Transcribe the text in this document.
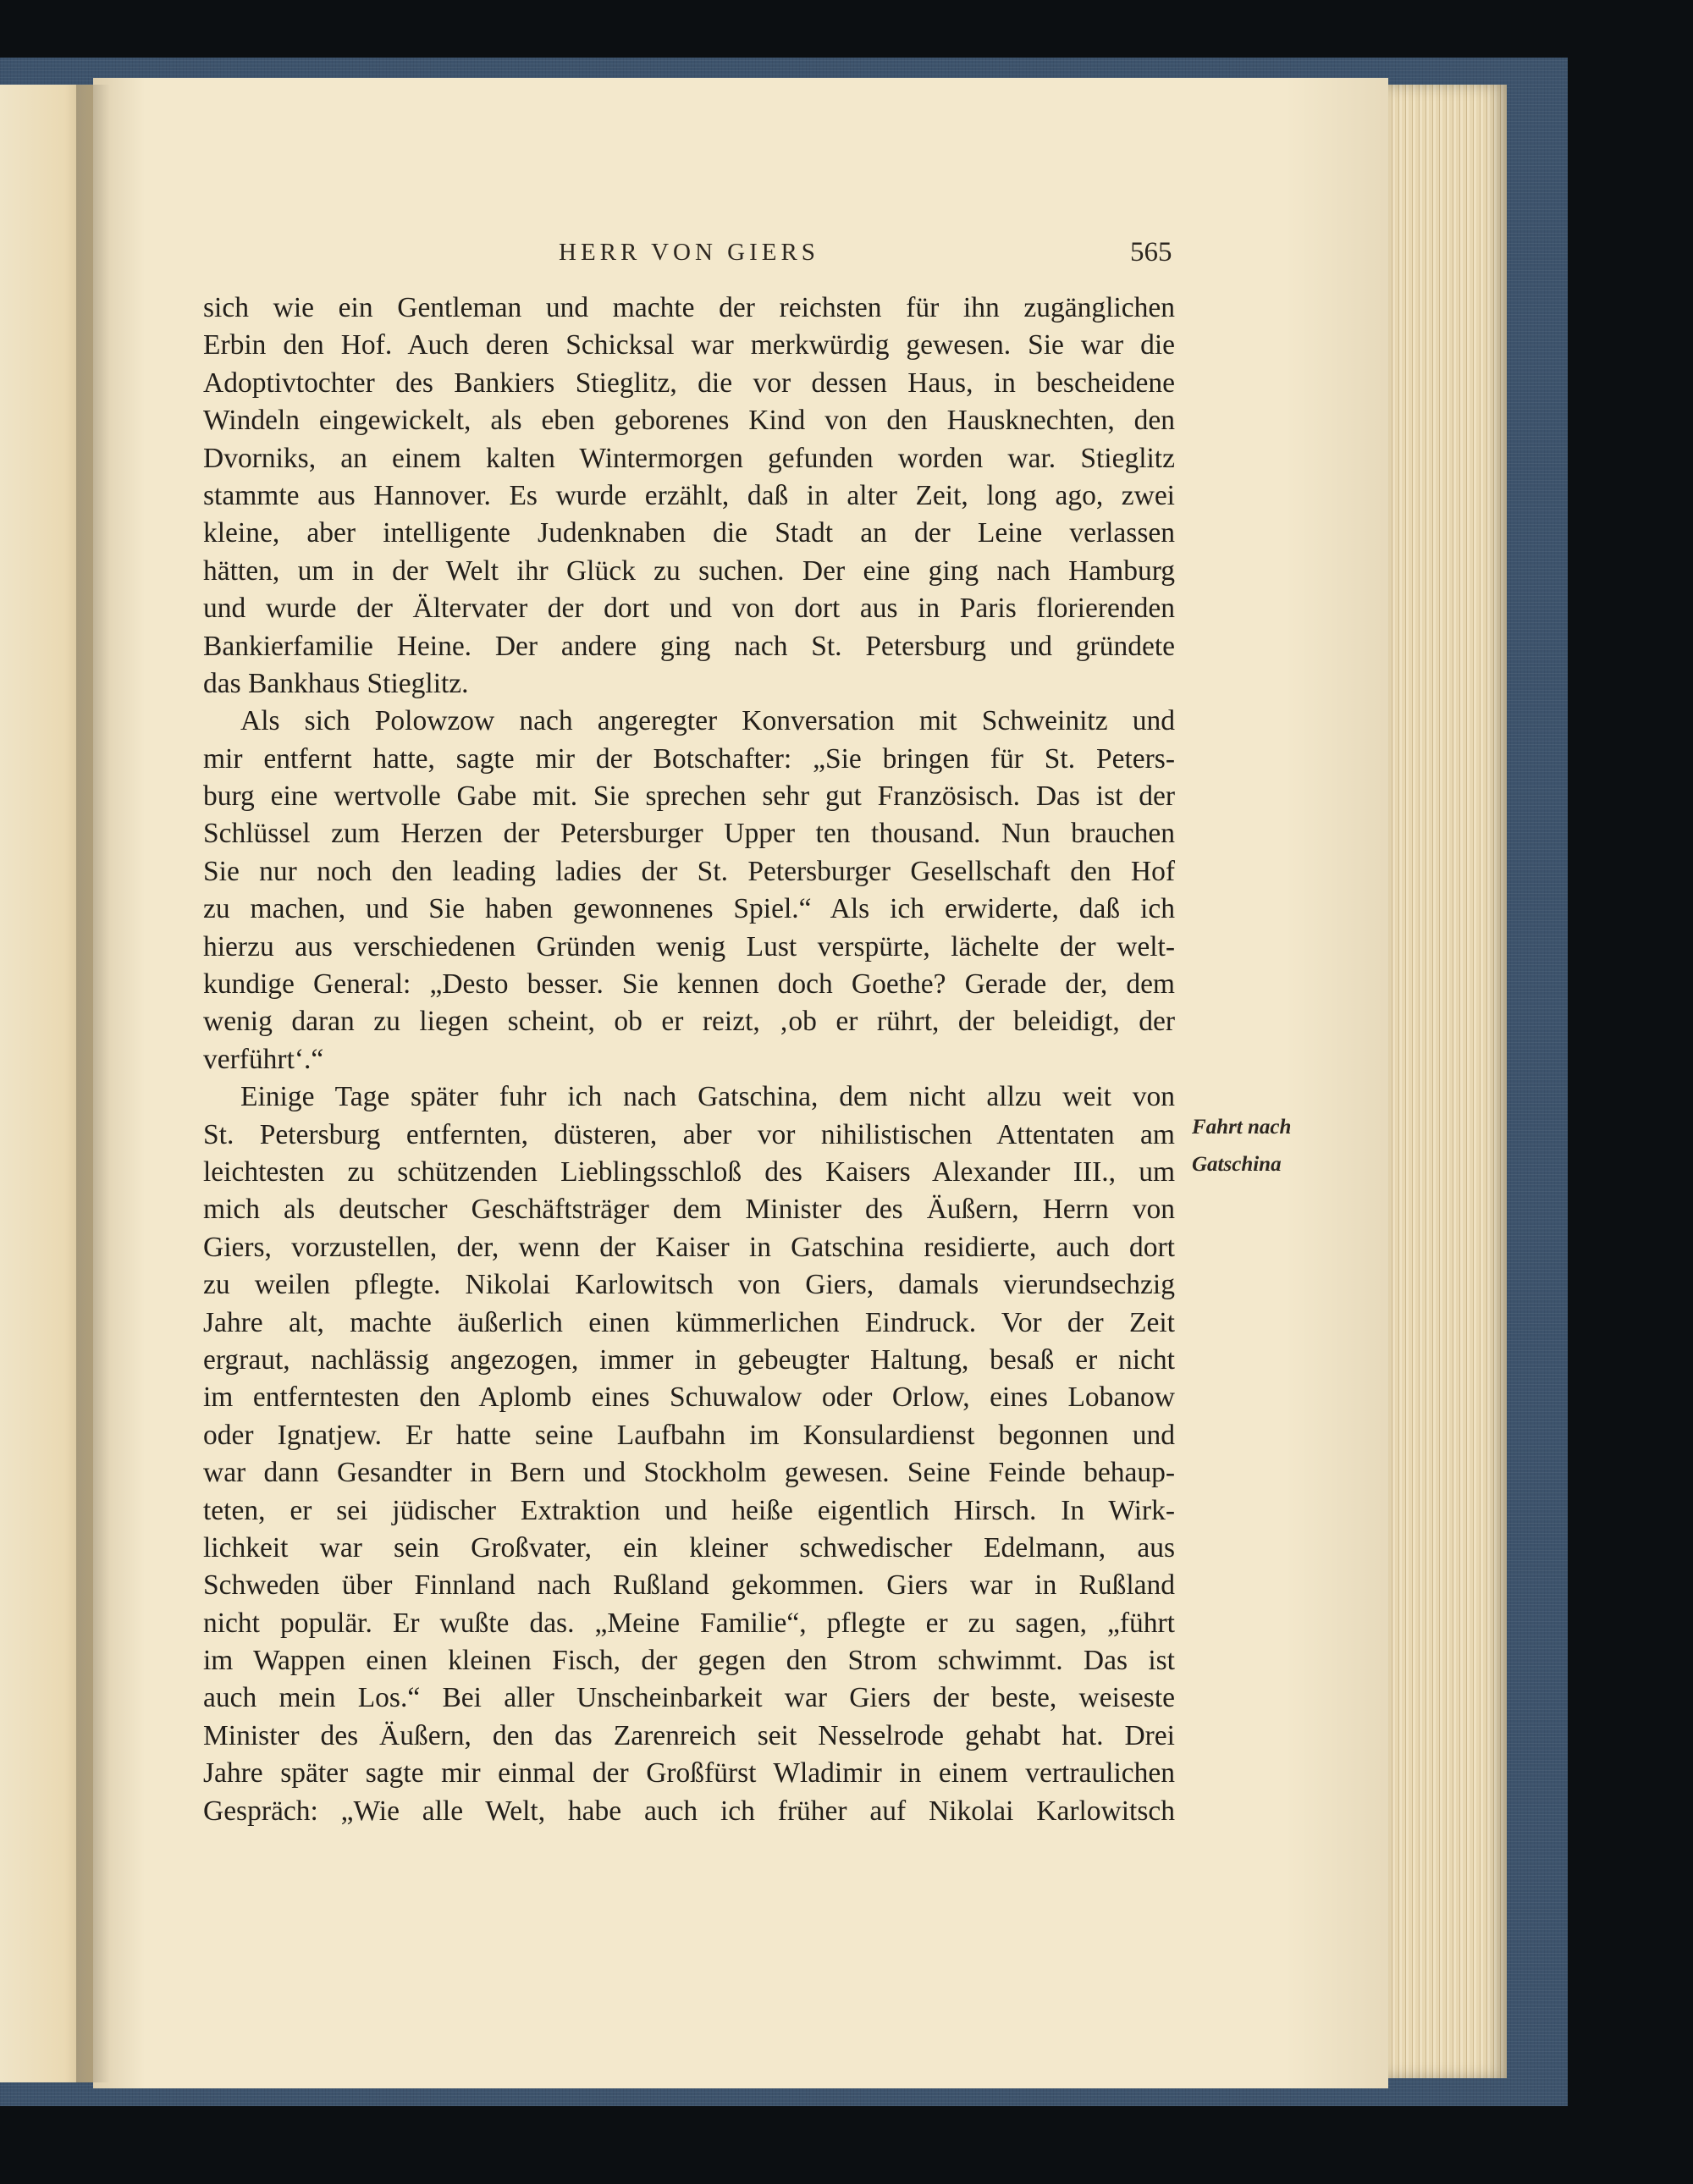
HERR VON GIERS	565
sich wie ein Gentleman und machte der reichsten für ihn zugänglichen
Erbin den Hof. Auch deren Schicksal war merkwürdig gewesen. Sie war die
Adoptivtochter des Bankiers Stieglitz, die vor dessen Haus, in bescheidene
Windeln eingewickelt, als eben geborenes Kind von den Hausknechten, den
Dvorniks, an einem kalten Wintermorgen gefunden worden war. Stieglitz
stammte aus Hannover. Es wurde erzählt, daß in alter Zeit, long ago, zwei
kleine, aber intelligente Judenknaben die Stadt an der Leine verlassen
hätten, um in der Welt ihr Glück zu suchen. Der eine ging nach Hamburg
und wurde der Ältervater der dort und von dort aus in Paris florierenden
Bankierfamilie Heine. Der andere ging nach St. Petersburg und gründete
das Bankhaus Stieglitz.
Als sich Polowzow nach angeregter Konversation mit Schweinitz und
mir entfernt hatte, sagte mir der Botschafter: „Sie bringen für St. Peters-
burg eine wertvolle Gabe mit. Sie sprechen sehr gut Französisch. Das ist der
Schlüssel zum Herzen der Petersburger Upper ten thousand. Nun brauchen
Sie nur noch den leading ladies der St. Petersburger Gesellschaft den Hof
zu machen, und Sie haben gewonnenes Spiel.“ Als ich erwiderte, daß ich
hierzu aus verschiedenen Gründen wenig Lust verspürte, lächelte der welt-
kundige General: „Desto besser. Sie kennen doch Goethe? Gerade der, dem
wenig daran zu liegen scheint, ob er reizt, ‚ob er rührt, der beleidigt, der
verführt‘.“
Einige Tage später fuhr ich nach Gatschina, dem nicht allzu weit von
St. Petersburg entfernten, düsteren, aber vor nihilistischen Attentaten am
leichtesten zu schützenden Lieblingsschloß des Kaisers Alexander III., um
mich als deutscher Geschäftsträger dem Minister des Äußern, Herrn von
Giers, vorzustellen, der, wenn der Kaiser in Gatschina residierte, auch dort
zu weilen pflegte. Nikolai Karlowitsch von Giers, damals vierundsechzig
Jahre alt, machte äußerlich einen kümmerlichen Eindruck. Vor der Zeit
ergraut, nachlässig angezogen, immer in gebeugter Haltung, besaß er nicht
im entferntesten den Aplomb eines Schuwalow oder Orlow, eines Lobanow
oder Ignatjew. Er hatte seine Laufbahn im Konsulardienst begonnen und
war dann Gesandter in Bern und Stockholm gewesen. Seine Feinde behaup-
teten, er sei jüdischer Extraktion und heiße eigentlich Hirsch. In Wirk-
lichkeit war sein Großvater, ein kleiner schwedischer Edelmann, aus
Schweden über Finnland nach Rußland gekommen. Giers war in Rußland
nicht populär. Er wußte das. „Meine Familie“, pflegte er zu sagen, „führt
im Wappen einen kleinen Fisch, der gegen den Strom schwimmt. Das ist
auch mein Los.“ Bei aller Unscheinbarkeit war Giers der beste, weiseste
Minister des Äußern, den das Zarenreich seit Nesselrode gehabt hat. Drei
Jahre später sagte mir einmal der Großfürst Wladimir in einem vertraulichen
Gespräch: „Wie alle Welt, habe auch ich früher auf Nikolai Karlowitsch
Fahrt nach
Gatschina
